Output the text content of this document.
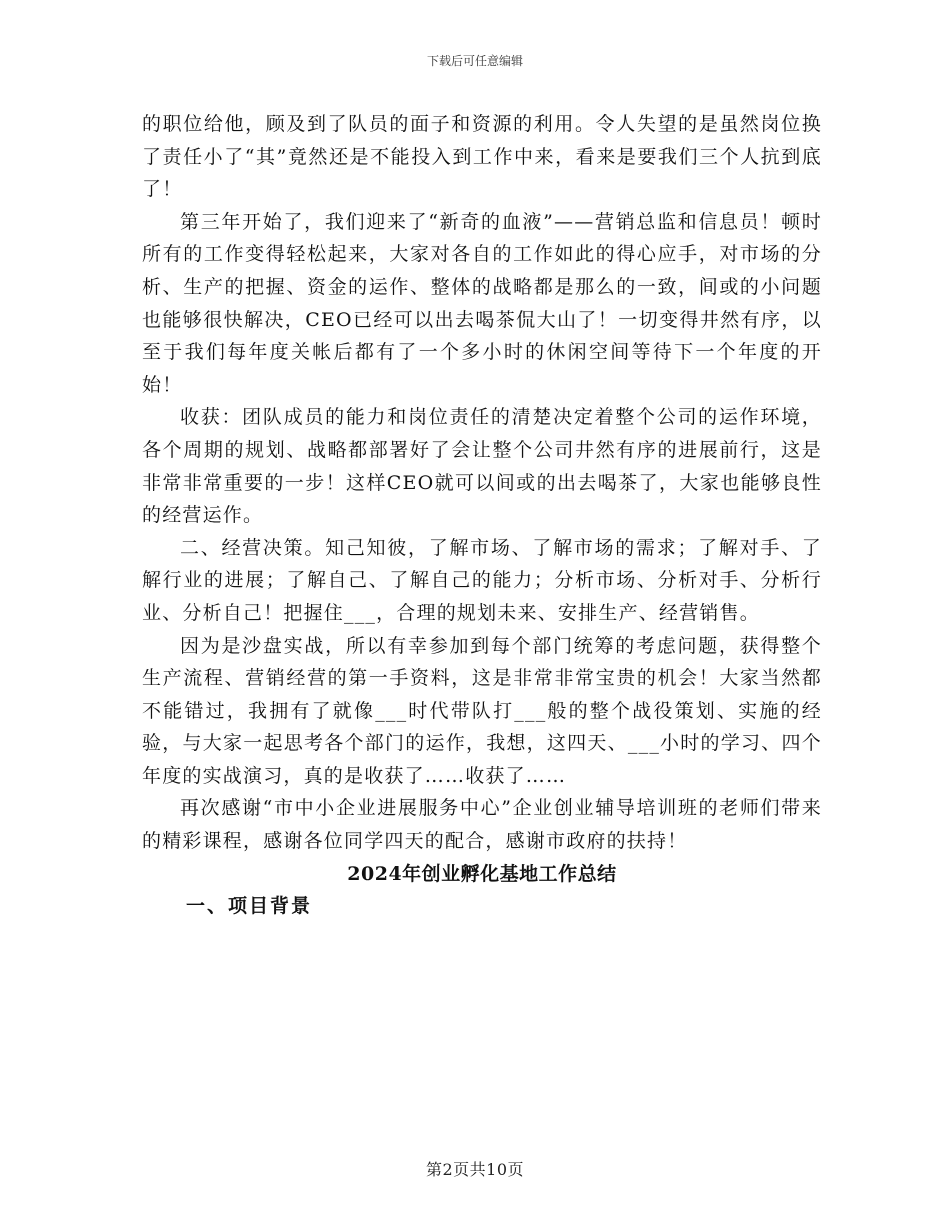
下载后可任意编辑

的职位给他，顾及到了队员的面子和资源的利用。令人失望的是虽然岗位换了责任小了“其”竟然还是不能投入到工作中来，看来是要我们三个人抗到底了！

第三年开始了，我们迎来了“新奇的血液”——营销总监和信息员！顿时所有的工作变得轻松起来，大家对各自的工作如此的得心应手，对市场的分析、生产的把握、资金的运作、整体的战略都是那么的一致，间或的小问题也能够很快解决，CEO已经可以出去喝茶侃大山了！一切变得井然有序，以至于我们每年度关帐后都有了一个多小时的休闲空间等待下一个年度的开始！

收获：团队成员的能力和岗位责任的清楚决定着整个公司的运作环境，各个周期的规划、战略都部署好了会让整个公司井然有序的进展前行，这是非常非常重要的一步！这样CEO就可以间或的出去喝茶了，大家也能够良性的经营运作。

二、经营决策。知己知彼，了解市场、了解市场的需求；了解对手、了解行业的进展；了解自己、了解自己的能力；分析市场、分析对手、分析行业、分析自己！把握住___，合理的规划未来、安排生产、经营销售。

因为是沙盘实战，所以有幸参加到每个部门统筹的考虑问题，获得整个生产流程、营销经营的第一手资料，这是非常非常宝贵的机会！大家当然都不能错过，我拥有了就像___时代带队打___般的整个战役策划、实施的经验，与大家一起思考各个部门的运作，我想，这四天、___小时的学习、四个年度的实战演习，真的是收获了……收获了……

再次感谢“市中小企业进展服务中心”企业创业辅导培训班的老师们带来的精彩课程，感谢各位同学四天的配合，感谢市政府的扶持！

2024年创业孵化基地工作总结

一、项目背景

第2页共10页
